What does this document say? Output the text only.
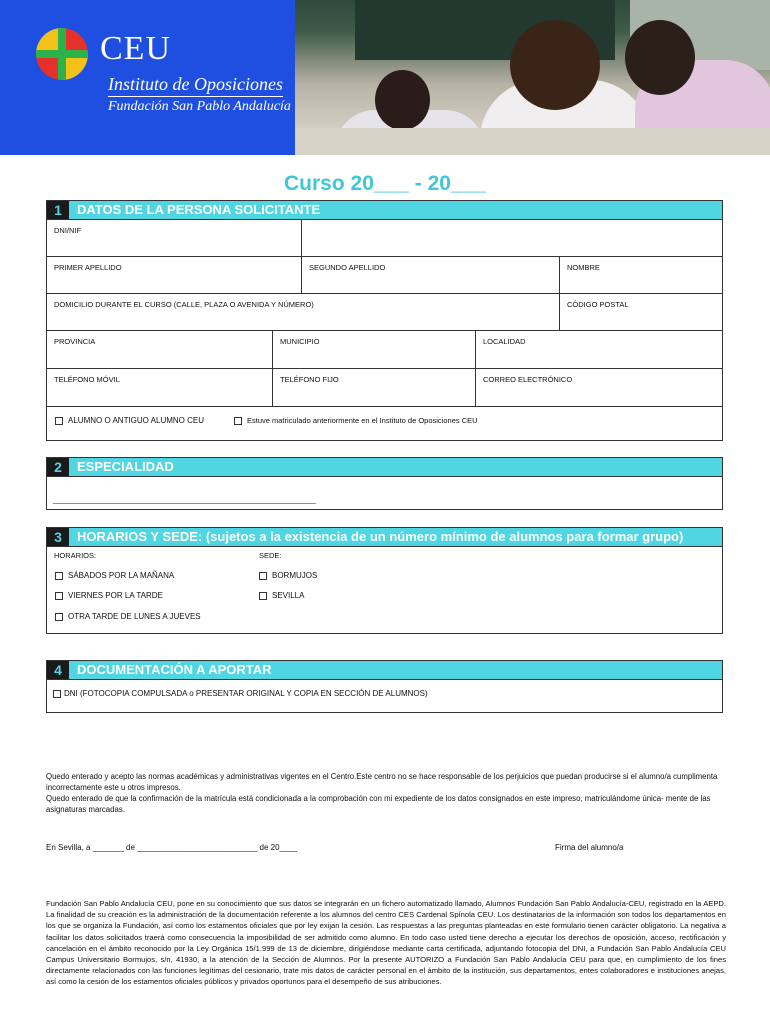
CEU
Instituto de Oposiciones
Fundación San Pablo Andalucía
Curso 20___ - 20___
1	DATOS DE LA PERSONA SOLICITANTE
DNI/NIF
PRIMER APELLIDO	SEGUNDO APELLIDO	NOMBRE
DOMICILIO DURANTE EL CURSO (CALLE, PLAZA O AVENIDA Y NÚMERO)	CÓDIGO POSTAL
PROVINCIA	MUNICIPIO	LOCALIDAD
TELÉFONO MÓVIL	TELÉFONO FIJO	CORREO ELECTRÓNICO
ALUMNO O ANTIGUO ALUMNO CEU	Estuve matriculado anteriormente en el Instituto de Oposiciones CEU
2	ESPECIALIDAD
_______________________________________________________________
3	HORARIOS Y SEDE: (sujetos a la existencia de un número mínimo de alumnos para formar grupo)
HORARIOS:	SEDE:
SÁBADOS POR LA MAÑANA	BORMUJOS
VIERNES POR LA TARDE	SEVILLA
OTRA TARDE DE LUNES A JUEVES
4	DOCUMENTACIÓN A APORTAR
DNI (FOTOCOPIA COMPULSADA o PRESENTAR ORIGINAL Y COPIA EN SECCIÓN DE ALUMNOS)

Quedo enterado y acepto las normas académicas y administrativas vigentes en el Centro.Este centro no se hace responsable de los perjuicios que puedan producirse si el alumno/a cumplimenta incorrectamente este u otros impresos.

Quedo enterado de que la confirmación de la matrícula está condicionada a la comprobación con mi expediente de los datos consignados en este impreso, matriculándome única- mente de las asignaturas marcadas.

En Sevilla, a _______ de ___________________________ de 20____	Firma del alumno/a
Fundación San Pablo Andalucía CEU, pone en su conocimiento que sus datos se integrarán en un fichero automatizado llamado, Alumnos Fundación San Pablo Andalucía-CEU, registrado en la AEPD. La finalidad de su creación es la administración de la documentación referente a los alumnos del centro CES Cardenal Spínola CEU. Los destinatarios de la información son todos los departamentos en los que se organiza la Fundación, así como los estamentos oficiales que por ley exijan la cesión. Las respuestas a las preguntas planteadas en este formulario tienen carácter obligatorio. La negativa a facilitar los datos solicitados traerá como consecuencia la imposibilidad de ser admitido como alumno. En todo caso usted tiene derecho a ejecutar los derechos de oposición, acceso, rectificación y cancelación en el ámbito reconocido por la Ley Orgánica 15/1.999 de 13 de diciembre, dirigiéndose mediante carta certificada, adjuntando fotocopia del DNI, a Fundación San Pablo Andalucía CEU Campus Universitario Bormujos, s/n, 41930, a la atención de la Sección de Alumnos. Por la presente AUTORIZO a Fundación San Pablo Andalucía CEU para que, en cumplimiento de los fines directamente relacionados con las funciones legítimas del cesionario, trate mis datos de carácter personal en el ámbito de la institución, sus departamentos, entes colaboradores e instituciones anejas, así como la cesión de los estamentos oficiales públicos y privados oportunos para el desempeño de sus atribuciones.
